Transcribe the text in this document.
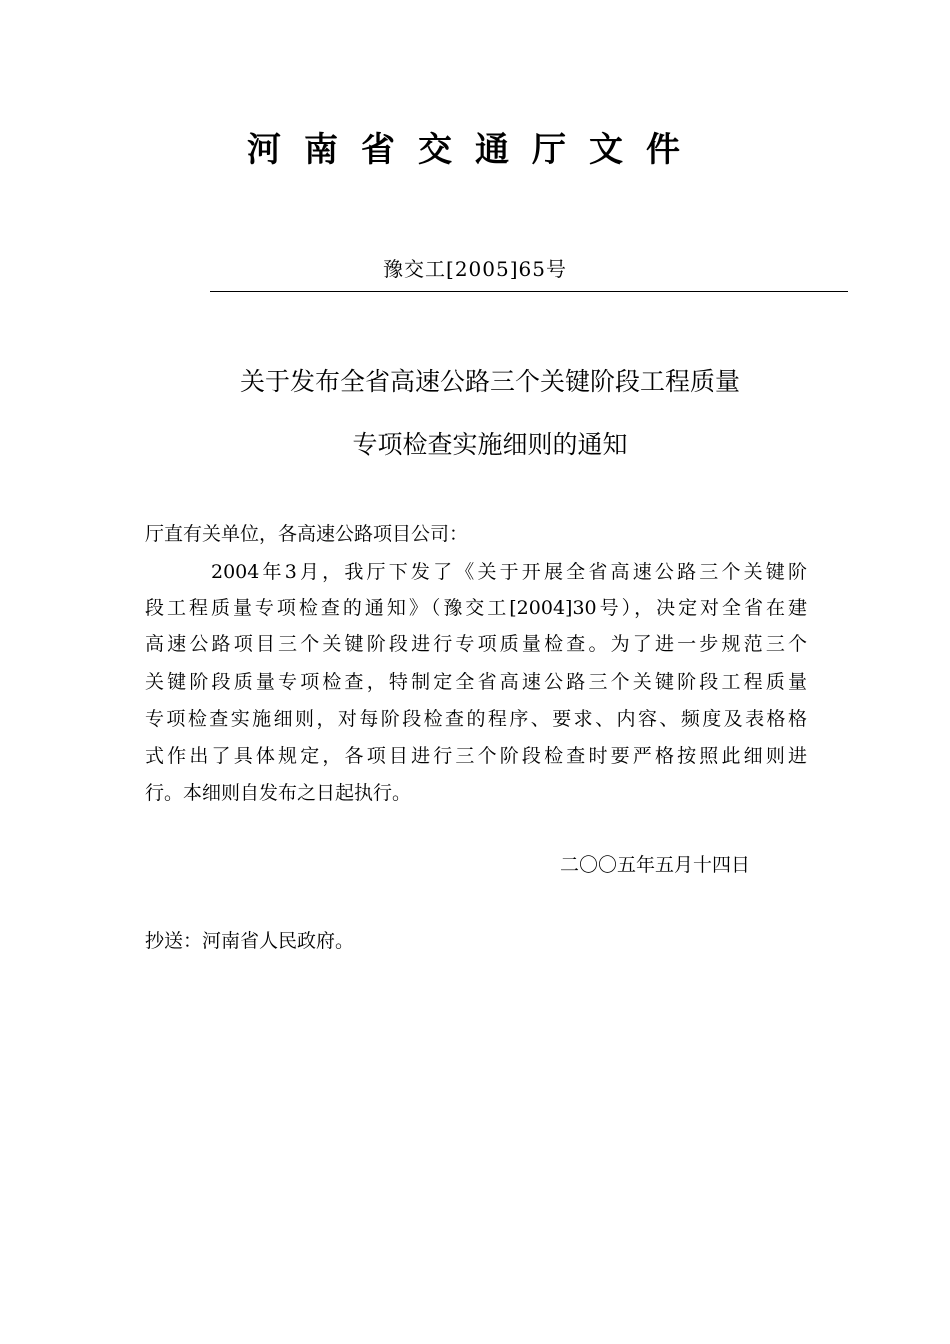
河南省交通厅文件
豫交工[2005]65号
关于发布全省高速公路三个关键阶段工程质量
专项检查实施细则的通知
厅直有关单位，各高速公路项目公司：
2004年3月，我厅下发了《关于开展全省高速公路三个关键阶
段工程质量专项检查的通知》（豫交工[2004]30号），决定对全省在建
高速公路项目三个关键阶段进行专项质量检查。为了进一步规范三个
关键阶段质量专项检查，特制定全省高速公路三个关键阶段工程质量
专项检查实施细则，对每阶段检查的程序、要求、内容、频度及表格格
式作出了具体规定，各项目进行三个阶段检查时要严格按照此细则进
行。本细则自发布之日起执行。
二〇〇五年五月十四日
抄送：河南省人民政府。
